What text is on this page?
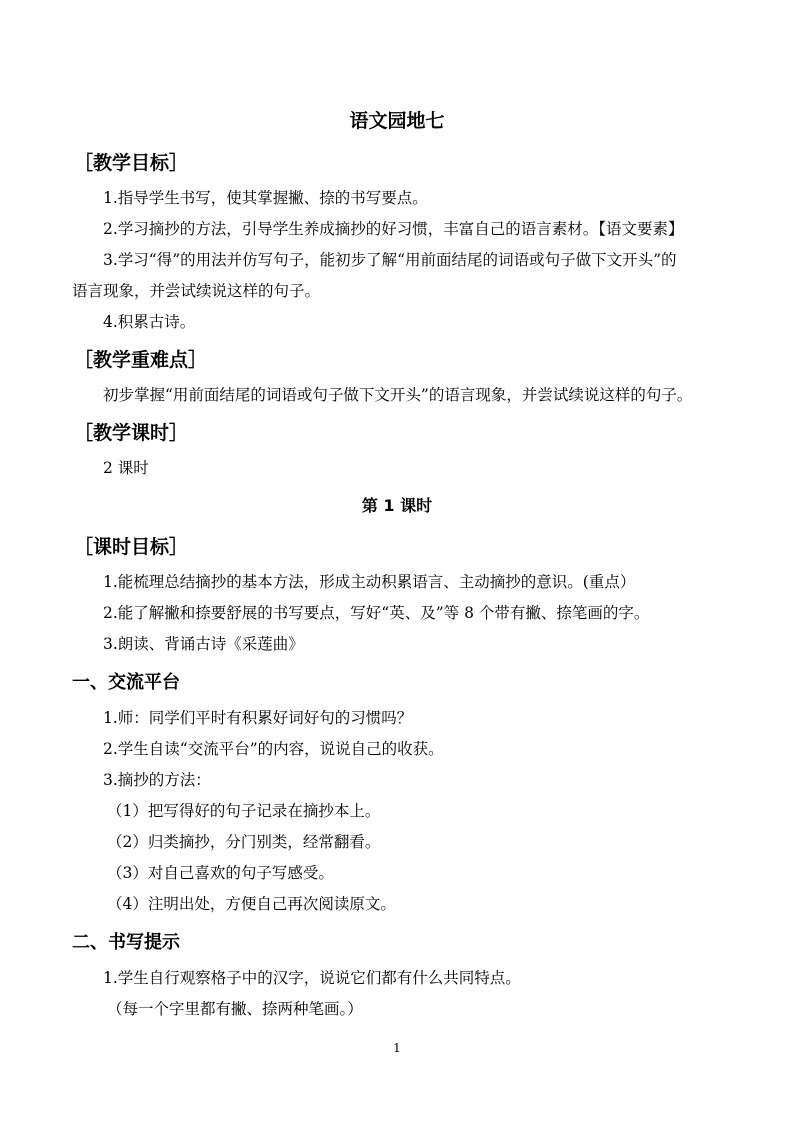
语文园地七
［教学目标］
1.指导学生书写，使其掌握撇、捺的书写要点。
2.学习摘抄的方法，引导学生养成摘抄的好习惯，丰富自己的语言素材。【语文要素】
3.学习“得”的用法并仿写句子，能初步了解“用前面结尾的词语或句子做下文开头”的
语言现象，并尝试续说这样的句子。
4.积累古诗。
［教学重难点］
初步掌握“用前面结尾的词语或句子做下文开头”的语言现象，并尝试续说这样的句子。
［教学课时］
2 课时
第 1 课时
［课时目标］
1.能梳理总结摘抄的基本方法，形成主动积累语言、主动摘抄的意识。(重点）
2.能了解撇和捺要舒展的书写要点，写好“英、及”等 8 个带有撇、捺笔画的字。
3.朗读、背诵古诗《采莲曲》
一、交流平台
1.师：同学们平时有积累好词好句的习惯吗？
2.学生自读“交流平台”的内容，说说自己的收获。
3.摘抄的方法：
（1）把写得好的句子记录在摘抄本上。
（2）归类摘抄，分门别类，经常翻看。
（3）对自己喜欢的句子写感受。
（4）注明出处，方便自己再次阅读原文。
二、书写提示
1.学生自行观察格子中的汉字，说说它们都有什么共同特点。
（每一个字里都有撇、捺两种笔画。）
1
